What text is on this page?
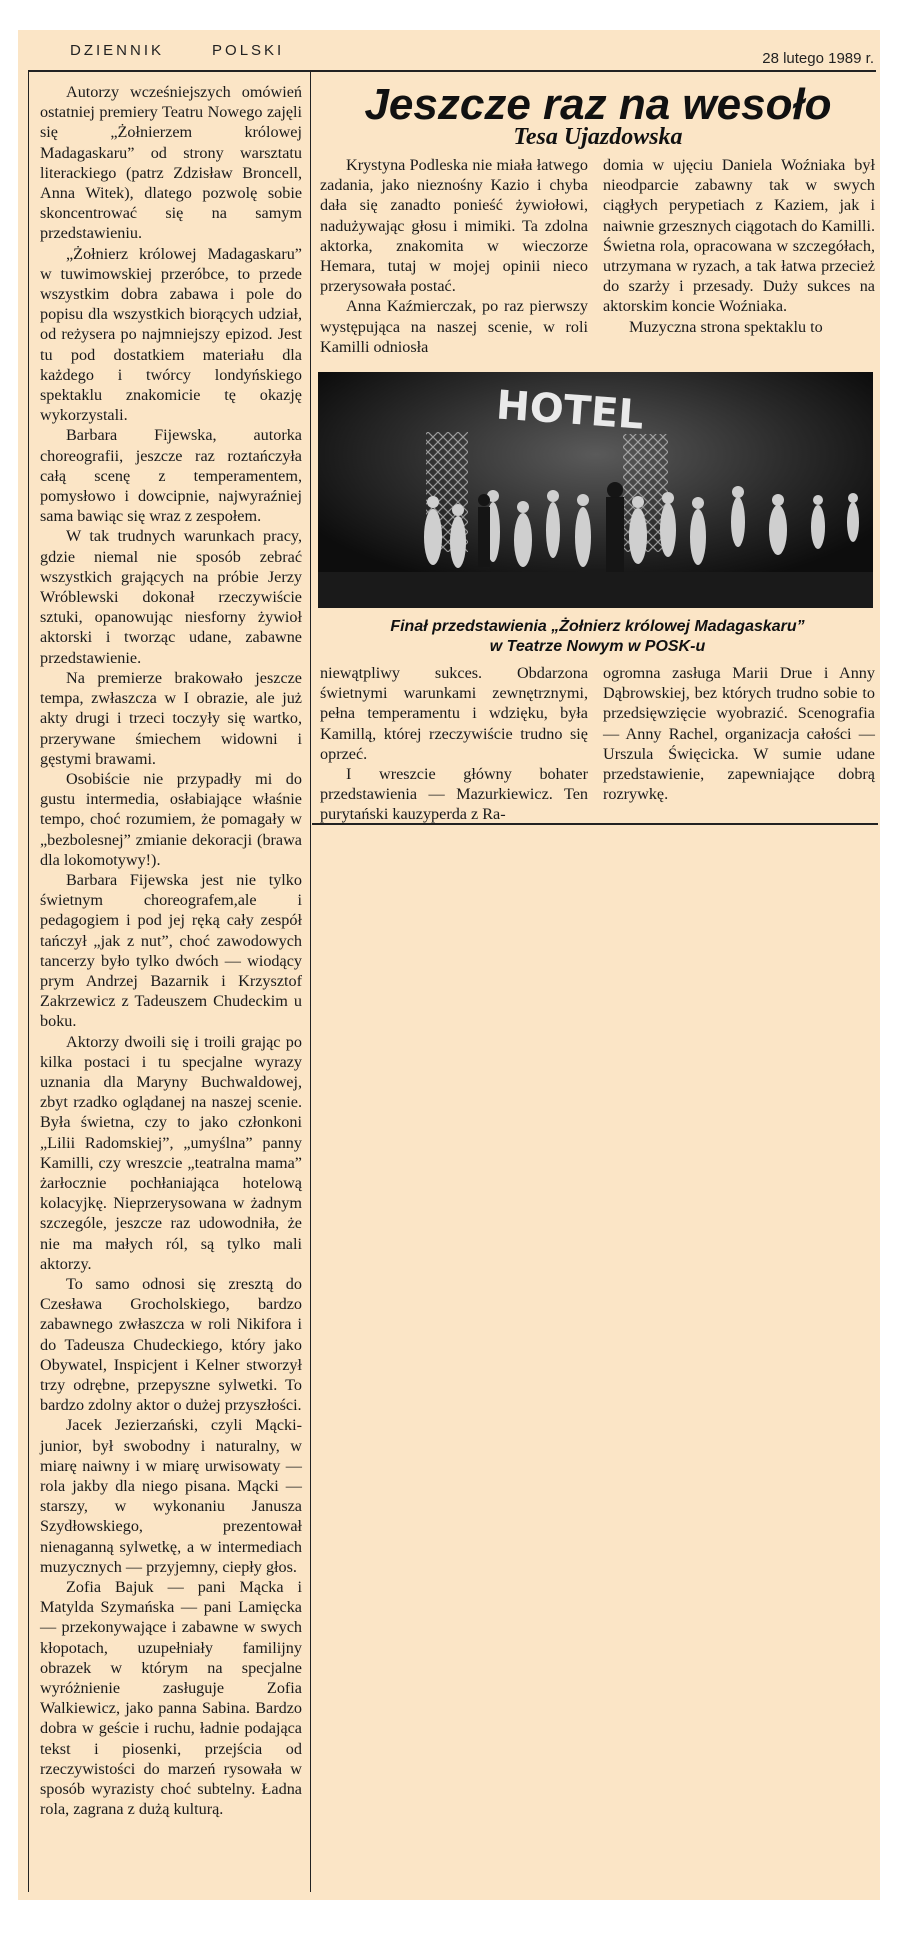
DZIENNIK	POLSKI	28 lutego 1989 r.
Jeszcze raz na wesoło
Tesa Ujazdowska

Autorzy wcześniejszych omówień ostatniej premiery Teatru Nowego zajęli się „Żołnierzem królowej Madagaskaru” od strony warsztatu literackiego (patrz Zdzisław Broncell, Anna Witek), dlatego pozwolę sobie skoncentrować się na samym przedstawieniu.

„Żołnierz królowej Madagaskaru” w tuwimowskiej przeróbce, to przede wszystkim dobra zabawa i pole do popisu dla wszystkich biorących udział, od reżysera po najmniejszy epizod. Jest tu pod dostatkiem materiału dla każdego i twórcy londyńskiego spektaklu znakomicie tę okazję wykorzystali.

Barbara Fijewska, autorka choreografii, jeszcze raz roztańczyła całą scenę z temperamentem, pomysłowo i dowcipnie, najwyraźniej sama bawiąc się wraz z zespołem.

W tak trudnych warunkach pracy, gdzie niemal nie sposób zebrać wszystkich grających na próbie Jerzy Wróblewski dokonał rzeczywiście sztuki, opanowując niesforny żywioł aktorski i tworząc udane, zabawne przedstawienie.

Na premierze brakowało jeszcze tempa, zwłaszcza w I obrazie, ale już akty drugi i trzeci toczyły się wartko, przerywane śmiechem widowni i gęstymi brawami.

Osobiście nie przypadły mi do gustu intermedia, osłabiające właśnie tempo, choć rozumiem, że pomagały w „bezbolesnej” zmianie dekoracji (brawa dla lokomotywy!).

Barbara Fijewska jest nie tylko świetnym choreografem,ale i pedagogiem i pod jej ręką cały zespół tańczył „jak z nut”, choć zawodowych tancerzy było tylko dwóch — wiodący prym Andrzej Bazarnik i Krzysztof Zakrzewicz z Tadeuszem Chudeckim u boku.

Aktorzy dwoili się i troili grając po kilka postaci i tu specjalne wyrazy uznania dla Maryny Buchwaldowej, zbyt rzadko oglądanej na naszej scenie. Była świetna, czy to jako członkoni „Lilii Radomskiej”, „umyślna” panny Kamilli, czy wreszcie „teatralna mama” żarłocznie pochłaniająca hotelową kolacyjkę. Nieprzerysowana w żadnym szczególe, jeszcze raz udowodniła, że nie ma małych ról, są tylko mali aktorzy.

To samo odnosi się zresztą do Czesława Grocholskiego, bardzo zabawnego zwłaszcza w roli Nikifora i do Tadeusza Chudeckiego, który jako Obywatel, Inspicjent i Kelner stworzył trzy odrębne, przepyszne sylwetki. To bardzo zdolny aktor o dużej przyszłości.

Jacek Jezierzański, czyli Mącki-junior, był swobodny i naturalny, w miarę naiwny i w miarę urwisowaty — rola jakby dla niego pisana. Mącki — starszy, w wykonaniu Janusza Szydłowskiego, prezentował nienaganną sylwetkę, a w intermediach muzycznych — przyjemny, ciepły głos.

Zofia Bajuk — pani Mącka i Matylda Szymańska — pani Lamięcka — przekonywające i zabawne w swych kłopotach, uzupełniały familijny obrazek w którym na specjalne wyróżnienie zasługuje Zofia Walkiewicz, jako panna Sabina. Bardzo dobra w geście i ruchu, ładnie podająca tekst i piosenki, przejścia od rzeczywistości do marzeń rysowała w sposób wyrazisty choć subtelny. Ładna rola, zagrana z dużą kulturą.

Krystyna Podleska nie miała łatwego zadania, jako nieznośny Kazio i chyba dała się zanadto ponieść żywiołowi, nadużywając głosu i mimiki. Ta zdolna aktorka, znakomita w wieczorze Hemara, tutaj w mojej opinii nieco przerysowała postać.

Anna Kaźmierczak, po raz pierwszy występująca na naszej scenie, w roli Kamilli odniosła

domia w ujęciu Daniela Woźniaka był nieodparcie zabawny tak w swych ciągłych perypetiach z Kaziem, jak i naiwnie grzesznych ciągotach do Kamilli. Świetna rola, opracowana w szczegółach, utrzymana w ryzach, a tak łatwa przecież do szarży i przesady. Duży sukces na aktorskim koncie Woźniaka.

Muzyczna strona spektaklu to

HOTEL
Finał przedstawienia „Żołnierz królowej Madagaskaru”
w Teatrze Nowym w POSK-u

niewątpliwy sukces. Obdarzona świetnymi warunkami zewnętrznymi, pełna temperamentu i wdzięku, była Kamillą, której rzeczywiście trudno się oprzeć.

I wreszcie główny bohater przedstawienia — Mazurkiewicz. Ten purytański kauzyperda z Ra-

ogromna zasługa Marii Drue i Anny Dąbrowskiej, bez których trudno sobie to przedsięwzięcie wyobrazić. Scenografia — Anny Rachel, organizacja całości — Urszula Święcicka. W sumie udane przedstawienie, zapewniające dobrą rozrywkę.
